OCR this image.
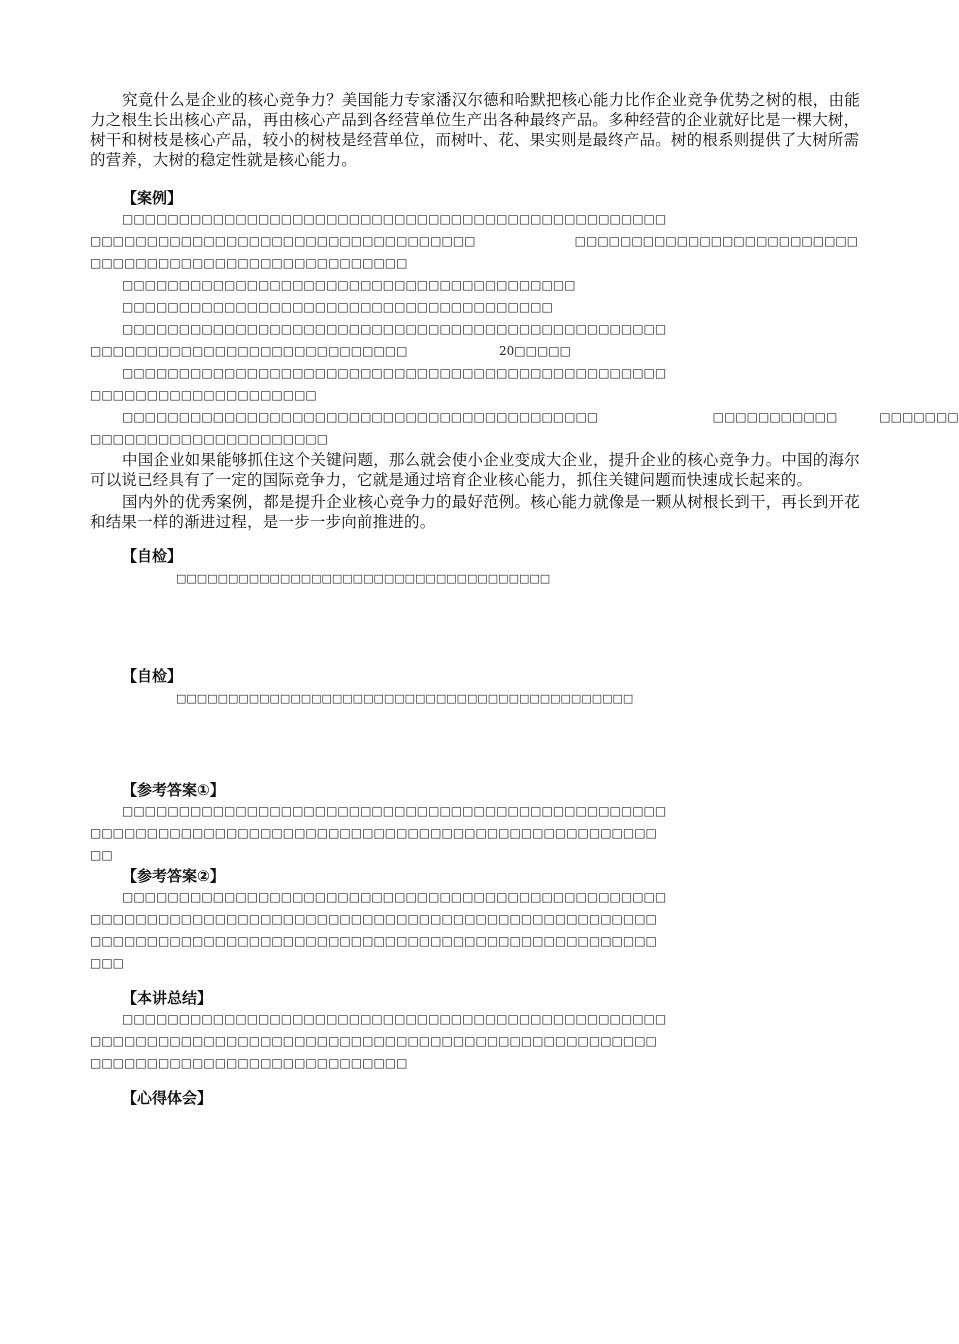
究竟什么是企业的核心竞争力？美国能力专家潘汉尔德和哈默把核心能力比作企业竞争优势之树的根，由能力之根生长出核心产品，再由核心产品到各经营单位生产出各种最终产品。多种经营的企业就好比是一棵大树，树干和树枝是核心产品，较小的树枝是经营单位，而树叶、花、果实则是最终产品。树的根系则提供了大树所需的营养，大树的稳定性就是核心能力。

【案例】

□□□□□□□□□□□□□□□□□□□□□□□□□□□□□□□□□□□□□□□□□□□□□□□□

□□□□□□□□□□□□□□□□□□□□□□□□□□□□□□□□□□                          □□□□□□□□□□□□□□□□□□□□□□□□□

□□□□□□□□□□□□□□□□□□□□□□□□□□□□

□□□□□□□□□□□□□□□□□□□□□□□□□□□□□□□□□□□□□□□□

□□□□□□□□□□□□□□□□□□□□□□□□□□□□□□□□□□□□□□

□□□□□□□□□□□□□□□□□□□□□□□□□□□□□□□□□□□□□□□□□□□□□□□□

□□□□□□□□□□□□□□□□□□□□□□□□□□□□                        20□□□□□

□□□□□□□□□□□□□□□□□□□□□□□□□□□□□□□□□□□□□□□□□□□□□□□□

□□□□□□□□□□□□□□□□□□□□

□□□□□□□□□□□□□□□□□□□□□□□□□□□□□□□□□□□□□□□□□□                              □□□□□□□□□□□           □□□□□□□

□□□□□□□□□□□□□□□□□□□□□

中国企业如果能够抓住这个关键问题，那么就会使小企业变成大企业，提升企业的核心竞争力。中国的海尔可以说已经具有了一定的国际竞争力，它就是通过培育企业核心能力，抓住关键问题而快速成长起来的。

国内外的优秀案例，都是提升企业核心竞争力的最好范例。核心能力就像是一颗从树根长到干，再长到开花和结果一样的渐进过程，是一步一步向前推进的。

【自检】

□□□□□□□□□□□□□□□□□□□□□□□□□□□□□□□□□□□□

【自检】

□□□□□□□□□□□□□□□□□□□□□□□□□□□□□□□□□□□□□□□□□□□□

【参考答案①】

□□□□□□□□□□□□□□□□□□□□□□□□□□□□□□□□□□□□□□□□□□□□□□□□

□□□□□□□□□□□□□□□□□□□□□□□□□□□□□□□□□□□□□□□□□□□□□□□□□□

□□

【参考答案②】

□□□□□□□□□□□□□□□□□□□□□□□□□□□□□□□□□□□□□□□□□□□□□□□□

□□□□□□□□□□□□□□□□□□□□□□□□□□□□□□□□□□□□□□□□□□□□□□□□□□

□□□□□□□□□□□□□□□□□□□□□□□□□□□□□□□□□□□□□□□□□□□□□□□□□□

□□□

【本讲总结】

□□□□□□□□□□□□□□□□□□□□□□□□□□□□□□□□□□□□□□□□□□□□□□□□

□□□□□□□□□□□□□□□□□□□□□□□□□□□□□□□□□□□□□□□□□□□□□□□□□□

□□□□□□□□□□□□□□□□□□□□□□□□□□□□

【心得体会】
